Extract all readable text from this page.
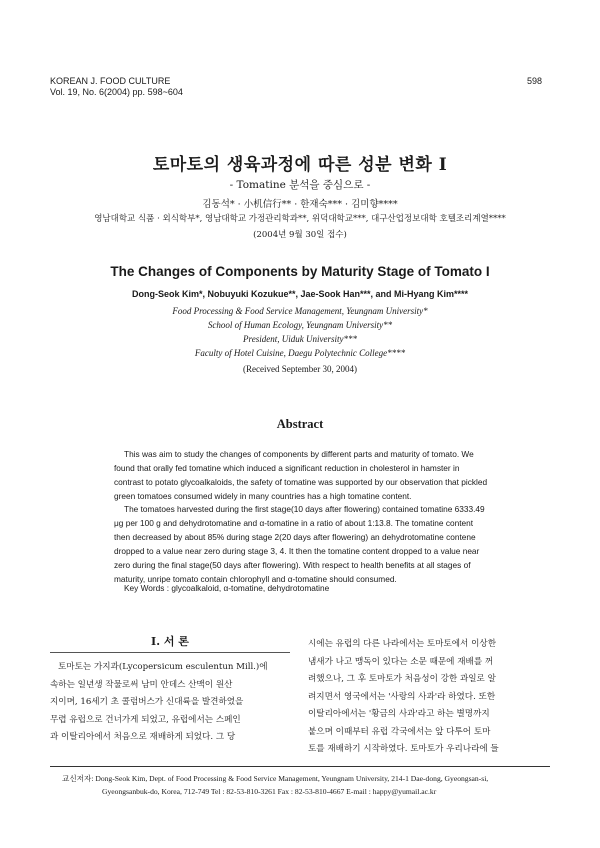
KOREAN J. FOOD CULTURE
Vol. 19, No. 6(2004) pp. 598~604
598
토마토의 생육과정에 따른 성분 변화 I
- Tomatine 분석을 중심으로 -
김동석* · 小机信行** · 한재숙*** · 김미향****
영남대학교 식품 · 외식학부*, 영남대학교 가정관리학과**, 위덕대학교***, 대구산업정보대학 호텔조리계열****
(2004년 9월 30일 접수)
The Changes of Components by Maturity Stage of Tomato I
Dong-Seok Kim*, Nobuyuki Kozukue**, Jae-Sook Han***, and Mi-Hyang Kim****
Food Processing & Food Service Management, Yeungnam University*
School of Human Ecology, Yeungnam University**
President, Uiduk University***
Faculty of Hotel Cuisine, Daegu Polytechnic College****
(Received September 30, 2004)
Abstract
This was aim to study the changes of components by different parts and maturity of tomato. We
found that orally fed tomatine which induced a significant reduction in cholesterol in hamster in
contrast to potato glycoalkaloids, the safety of tomatine was supported by our observation that pickled
green tomatoes consumed widely in many countries has a high tomatine content.
The tomatoes harvested during the first stage(10 days after flowering) contained tomatine 6333.49
μg per 100 g and dehydrotomatine and α-tomatine in a ratio of about 1:13.8. The tomatine content
then decreased by about 85% during stage 2(20 days after flowering) an dehydrotomatine contene
dropped to a value near zero during stage 3, 4. It then the tomatine content dropped to a value near
zero during the final stage(50 days after flowering). With respect to health benefits at all stages of
maturity, unripe tomato contain chlorophyll and α-tomatine should consumed.
Key Words : glycoalkaloid, α-tomatine, dehydrotomatine
I. 서 론
토마토는 가지과(Lycopersicum esculentun Mill.)에
속하는 일년생 작물로써 남미 안데스 산맥이 원산
지이며, 16세기 초 콜럼버스가 신대륙을 발견하였을
무렵 유럽으로 건너가게 되었고, 유럽에서는 스페인
과 이탈리아에서 처음으로 재배하게 되었다. 그 당
시에는 유럽의 다른 나라에서는 토마토에서 이상한
냄새가 나고 맹독이 있다는 소문 때문에 재배를 꺼
려했으나, 그 후 토마토가 처음성이 강한 과일로 알
려지면서 영국에서는 '사랑의 사과'라 하였다. 또한
이탈리아에서는 '황금의 사과'라고 하는 별명까지
붙으며 이때부터 유럽 각국에서는 앞 다투어 토마
토를 재배하기 시작하였다. 토마토가 우리나라에 들
교신저자: Dong-Seok Kim, Dept. of Food Processing & Food Service Management, Yeungnam University, 214-1 Dae-dong, Gyeongsan-si,
Gyeongsanbuk-do, Korea, 712-749 Tel : 82-53-810-3261 Fax : 82-53-810-4667 E-mail : happy@yumail.ac.kr
